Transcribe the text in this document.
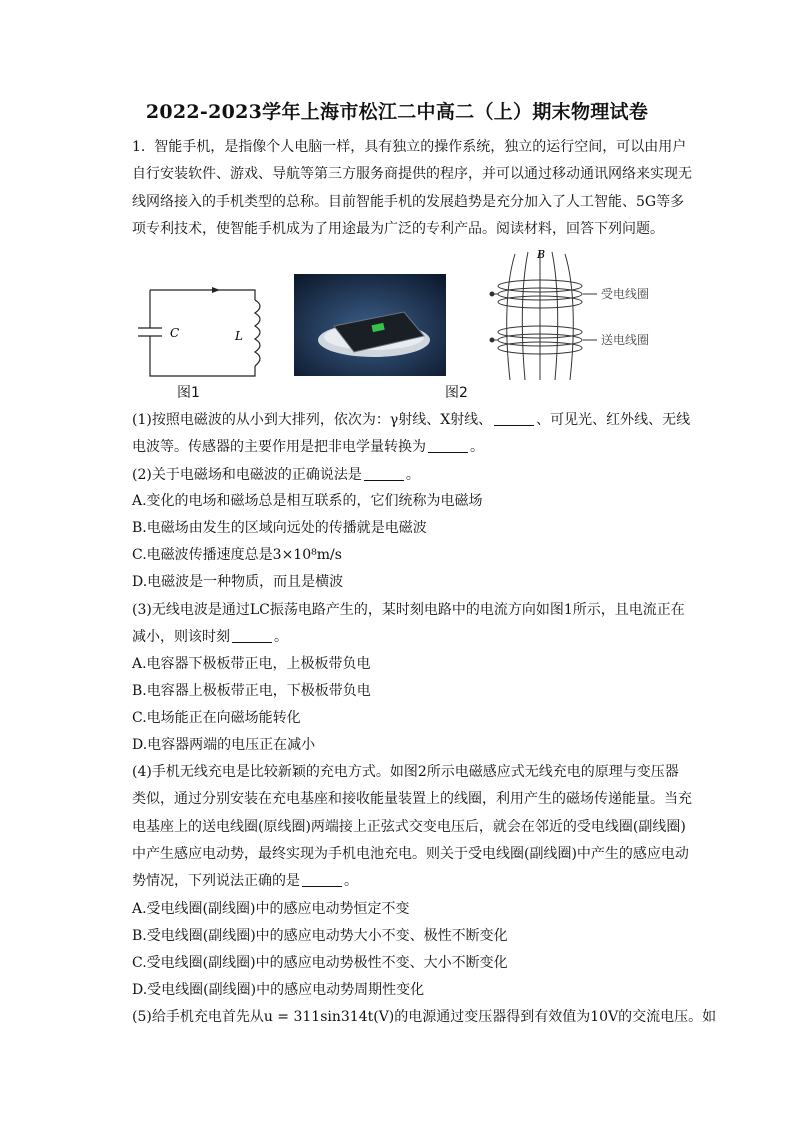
2022-2023学年上海市松江二中高二（上）期末物理试卷

1. 智能手机，是指像个人电脑一样，具有独立的操作系统，独立的运行空间，可以由用户自行安装软件、游戏、导航等第三方服务商提供的程序，并可以通过移动通讯网络来实现无线网络接入的手机类型的总称。目前智能手机的发展趋势是充分加入了人工智能、5G等多项专利技术，使智能手机成为了用途最为广泛的专利产品。阅读材料，回答下列问题。

C	L
图1	图2
B
受电线圈
送电线圈

(1)按照电磁波的从小到大排列，依次为：γ射线、X射线、	、可见光、红外线、无线电波等。传感器的主要作用是把非电学量转换为	。

(2)关于电磁场和电磁波的正确说法是	。

A.变化的电场和磁场总是相互联系的，它们统称为电磁场
B.电磁场由发生的区域向远处的传播就是电磁波
C.电磁波传播速度总是3×10⁸m/s
D.电磁波是一种物质，而且是横波

(3)无线电波是通过LC振荡电路产生的，某时刻电路中的电流方向如图1所示，且电流正在减小，则该时刻	。

A.电容器下极板带正电，上极板带负电
B.电容器上极板带正电，下极板带负电
C.电场能正在向磁场能转化
D.电容器两端的电压正在减小

(4)手机无线充电是比较新颖的充电方式。如图2所示电磁感应式无线充电的原理与变压器类似，通过分别安装在充电基座和接收能量装置上的线圈，利用产生的磁场传递能量。当充电基座上的送电线圈(原线圈)两端接上正弦式交变电压后，就会在邻近的受电线圈(副线圈)中产生感应电动势，最终实现为手机电池充电。则关于受电线圈(副线圈)中产生的感应电动势情况，下列说法正确的是	。

A.受电线圈(副线圈)中的感应电动势恒定不变
B.受电线圈(副线圈)中的感应电动势大小不变、极性不断变化
C.受电线圈(副线圈)中的感应电动势极性不变、大小不断变化
D.受电线圈(副线圈)中的感应电动势周期性变化

(5)给手机充电首先从u = 311sin314t(V)的电源通过变压器得到有效值为10V的交流电压。如
